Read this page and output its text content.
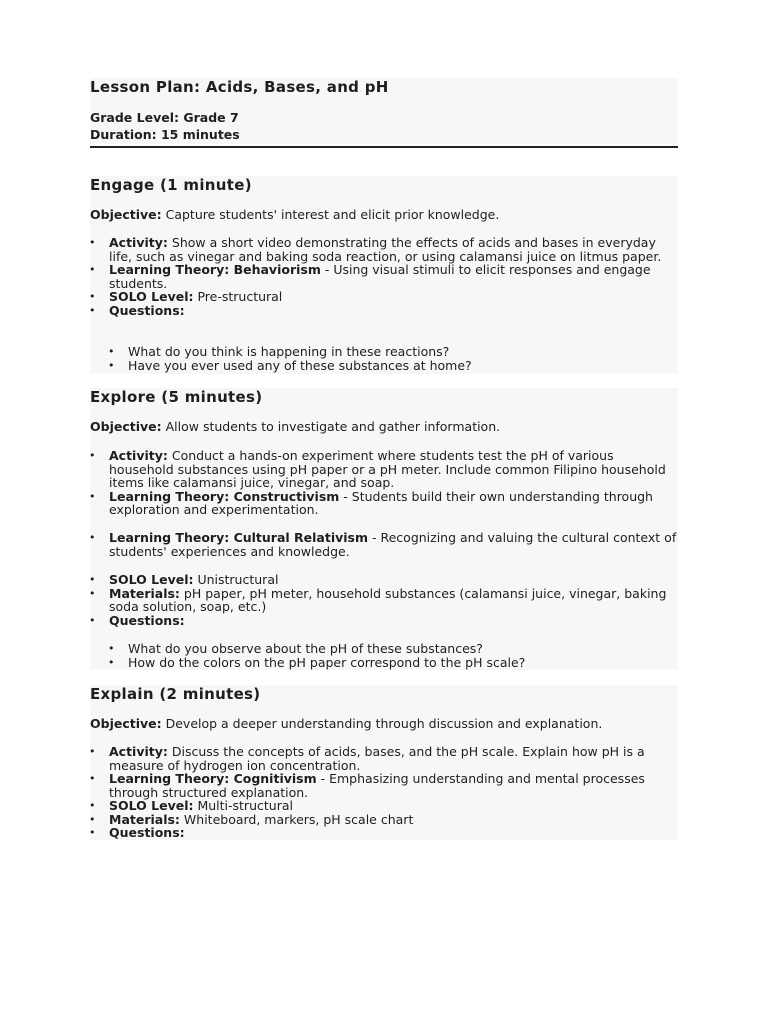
Lesson Plan: Acids, Bases, and pH

Grade Level: Grade 7

Duration: 15 minutes

Engage (1 minute)

Objective: Capture students' interest and elicit prior knowledge.

• Activity: Show a short video demonstrating the effects of acids and bases in everyday life, such as vinegar and baking soda reaction, or using calamansi juice on litmus paper.
• Learning Theory: Behaviorism - Using visual stimuli to elicit responses and engage students.
• SOLO Level: Pre-structural
• Questions:
• What do you think is happening in these reactions?
• Have you ever used any of these substances at home?
Explore (5 minutes)

Objective: Allow students to investigate and gather information.

• Activity: Conduct a hands-on experiment where students test the pH of various household substances using pH paper or a pH meter. Include common Filipino household items like calamansi juice, vinegar, and soap.
• Learning Theory: Constructivism - Students build their own understanding through exploration and experimentation.
• Learning Theory: Cultural Relativism - Recognizing and valuing the cultural context of students' experiences and knowledge.
• SOLO Level: Unistructural
• Materials: pH paper, pH meter, household substances (calamansi juice, vinegar, baking soda solution, soap, etc.)
• Questions:
• What do you observe about the pH of these substances?
• How do the colors on the pH paper correspond to the pH scale?
Explain (2 minutes)

Objective: Develop a deeper understanding through discussion and explanation.

• Activity: Discuss the concepts of acids, bases, and the pH scale. Explain how pH is a measure of hydrogen ion concentration.
• Learning Theory: Cognitivism - Emphasizing understanding and mental processes through structured explanation.
• SOLO Level: Multi-structural
• Materials: Whiteboard, markers, pH scale chart
• Questions:
